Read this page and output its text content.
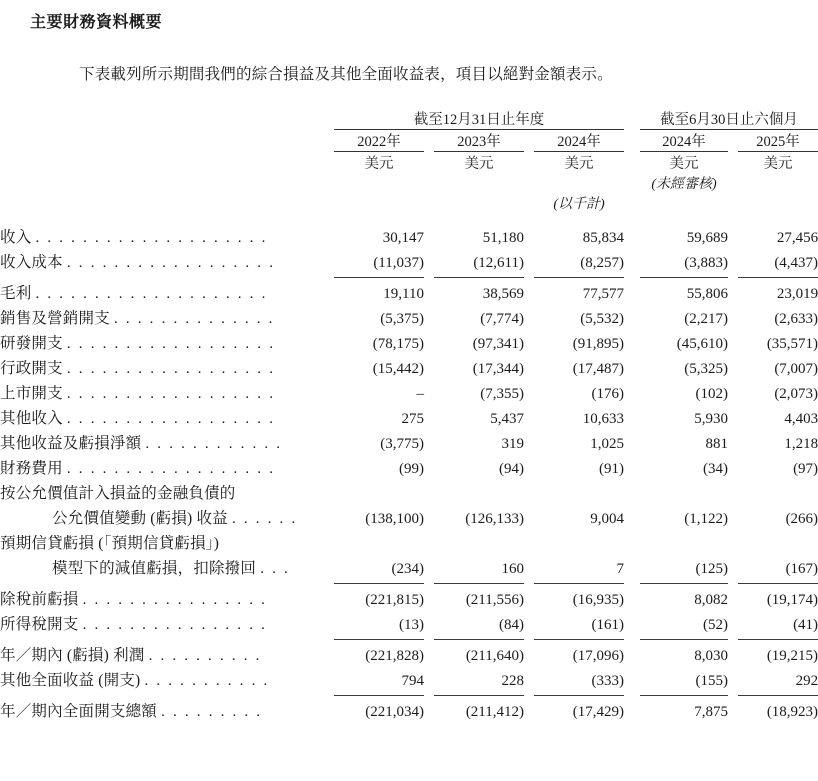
主要財務資料概要
下表載列所示期間我們的綜合損益及其他全面收益表，項目以絕對金額表示。
	截至12月31日止年度						截至6月30日止六個月			

	2022年		2023年		2024年		2024年		2025年	

	美元		美元		美元		美元		美元	
							(未經審核)			
					(以千計)					

收入 . . . . . . . . . . . . . . . . . . . .	30,147		51,180		85,834		59,689		27,456	
收入成本 . . . . . . . . . . . . . . . . . .	(11,037)		(12,611)		(8,257)		(3,883)		(4,437)	

毛利 . . . . . . . . . . . . . . . . . . . .	19,110		38,569		77,577		55,806		23,019	
銷售及營銷開支 . . . . . . . . . . . . . .	(5,375)		(7,774)		(5,532)		(2,217)		(2,633)	
研發開支 . . . . . . . . . . . . . . . . . .	(78,175)		(97,341)		(91,895)		(45,610)		(35,571)	
行政開支 . . . . . . . . . . . . . . . . . .	(15,442)		(17,344)		(17,487)		(5,325)		(7,007)	
上市開支 . . . . . . . . . . . . . . . . . .	–		(7,355)		(176)		(102)		(2,073)	
其他收入 . . . . . . . . . . . . . . . . . .	275		5,437		10,633		5,930		4,403	
其他收益及虧損淨額 . . . . . . . . . . . .	(3,775)		319		1,025		881		1,218	
財務費用 . . . . . . . . . . . . . . . . . .	(99)		(94)		(91)		(34)		(97)	
按公允價值計入損益的金融負債的										
公允價值變動 (虧損) 收益 . . . . . .	(138,100)		(126,133)		9,004		(1,122)		(266)	
預期信貸虧損 (「預期信貸虧損」)										
模型下的減值虧損，扣除撥回 . . .	(234)		160		7		(125)		(167)	

除稅前虧損 . . . . . . . . . . . . . . . .	(221,815)		(211,556)		(16,935)		8,082		(19,174)	
所得稅開支 . . . . . . . . . . . . . . . .	(13)		(84)		(161)		(52)		(41)	

年／期內 (虧損) 利潤 . . . . . . . . . .	(221,828)		(211,640)		(17,096)		8,030		(19,215)	
其他全面收益 (開支) . . . . . . . . . . .	794		228		(333)		(155)		292	

年／期內全面開支總額 . . . . . . . . .	(221,034)		(211,412)		(17,429)		7,875		(18,923)	
